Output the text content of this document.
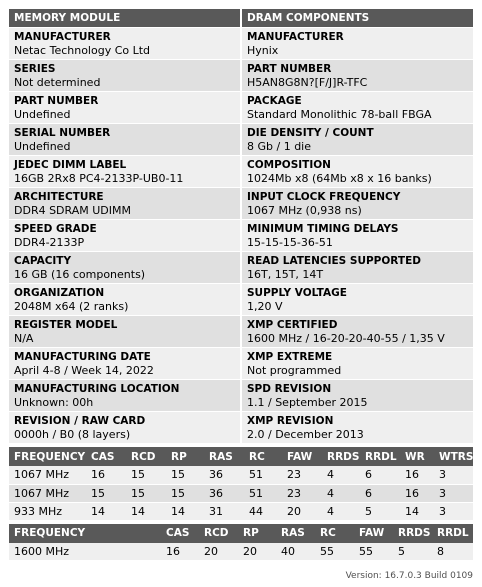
MEMORY MODULE
MANUFACTURER
Netac Technology Co Ltd
SERIES
Not determined
PART NUMBER
Undefined
SERIAL NUMBER
Undefined
JEDEC DIMM LABEL
16GB 2Rx8 PC4-2133P-UB0-11
ARCHITECTURE
DDR4 SDRAM UDIMM
SPEED GRADE
DDR4-2133P
CAPACITY
16 GB (16 components)
ORGANIZATION
2048M x64 (2 ranks)
REGISTER MODEL
N/A
MANUFACTURING DATE
April 4-8 / Week 14, 2022
MANUFACTURING LOCATION
Unknown: 00h
REVISION / RAW CARD
0000h / B0 (8 layers)
DRAM COMPONENTS
MANUFACTURER
Hynix
PART NUMBER
H5AN8G8N?[F/J]R-TFC
PACKAGE
Standard Monolithic 78-ball FBGA
DIE DENSITY / COUNT
8 Gb / 1 die
COMPOSITION
1024Mb x8 (64Mb x8 x 16 banks)
INPUT CLOCK FREQUENCY
1067 MHz (0,938 ns)
MINIMUM TIMING DELAYS
15-15-15-36-51
READ LATENCIES SUPPORTED
16T, 15T, 14T
SUPPLY VOLTAGE
1,20 V
XMP CERTIFIED
1600 MHz / 16-20-20-40-55 / 1,35 V
XMP EXTREME
Not programmed
SPD REVISION
1.1 / September 2015
XMP REVISION
2.0 / December 2013
FREQUENCY	CAS	RCD	RP	RAS	RC	FAW	RRDS	RRDL	WR	WTRS
1067 MHz	16	15	15	36	51	23	4	6	16	3
1067 MHz	15	15	15	36	51	23	4	6	16	3
933 MHz	14	14	14	31	44	20	4	5	14	3
FREQUENCY	CAS	RCD	RP	RAS	RC	FAW	RRDS	RRDL
1600 MHz	16	20	20	40	55	55	5	8
Version: 16.7.0.3 Build 0109
